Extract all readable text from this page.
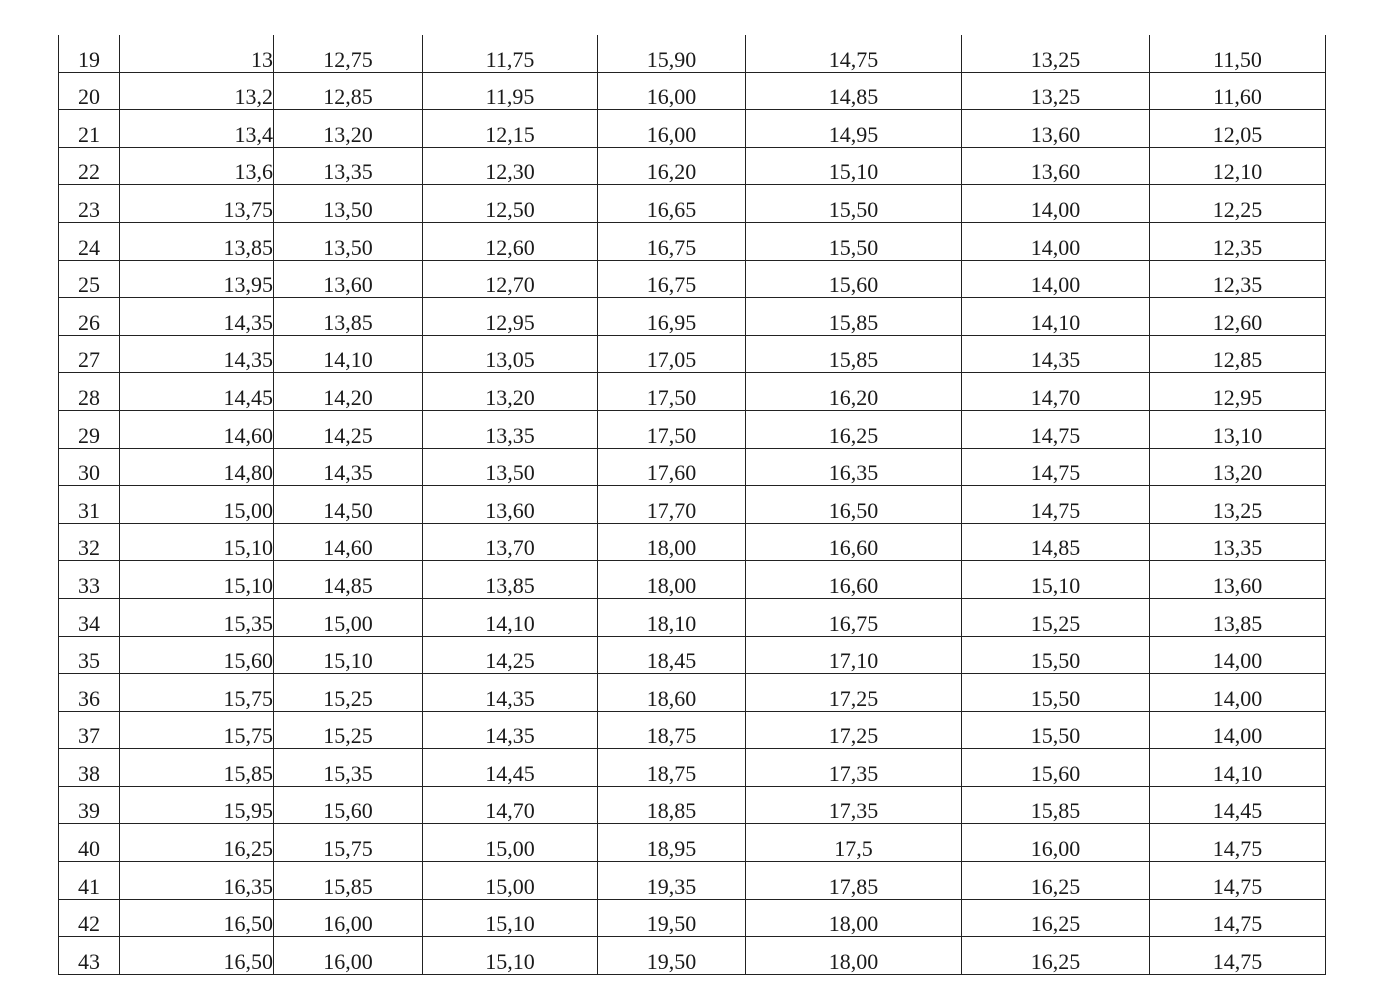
19	13	12,75	11,75	15,90	14,75	13,25	11,50
20	13,2	12,85	11,95	16,00	14,85	13,25	11,60
21	13,4	13,20	12,15	16,00	14,95	13,60	12,05
22	13,6	13,35	12,30	16,20	15,10	13,60	12,10
23	13,75	13,50	12,50	16,65	15,50	14,00	12,25
24	13,85	13,50	12,60	16,75	15,50	14,00	12,35
25	13,95	13,60	12,70	16,75	15,60	14,00	12,35
26	14,35	13,85	12,95	16,95	15,85	14,10	12,60
27	14,35	14,10	13,05	17,05	15,85	14,35	12,85
28	14,45	14,20	13,20	17,50	16,20	14,70	12,95
29	14,60	14,25	13,35	17,50	16,25	14,75	13,10
30	14,80	14,35	13,50	17,60	16,35	14,75	13,20
31	15,00	14,50	13,60	17,70	16,50	14,75	13,25
32	15,10	14,60	13,70	18,00	16,60	14,85	13,35
33	15,10	14,85	13,85	18,00	16,60	15,10	13,60
34	15,35	15,00	14,10	18,10	16,75	15,25	13,85
35	15,60	15,10	14,25	18,45	17,10	15,50	14,00
36	15,75	15,25	14,35	18,60	17,25	15,50	14,00
37	15,75	15,25	14,35	18,75	17,25	15,50	14,00
38	15,85	15,35	14,45	18,75	17,35	15,60	14,10
39	15,95	15,60	14,70	18,85	17,35	15,85	14,45
40	16,25	15,75	15,00	18,95	17,5	16,00	14,75
41	16,35	15,85	15,00	19,35	17,85	16,25	14,75
42	16,50	16,00	15,10	19,50	18,00	16,25	14,75
43	16,50	16,00	15,10	19,50	18,00	16,25	14,75
